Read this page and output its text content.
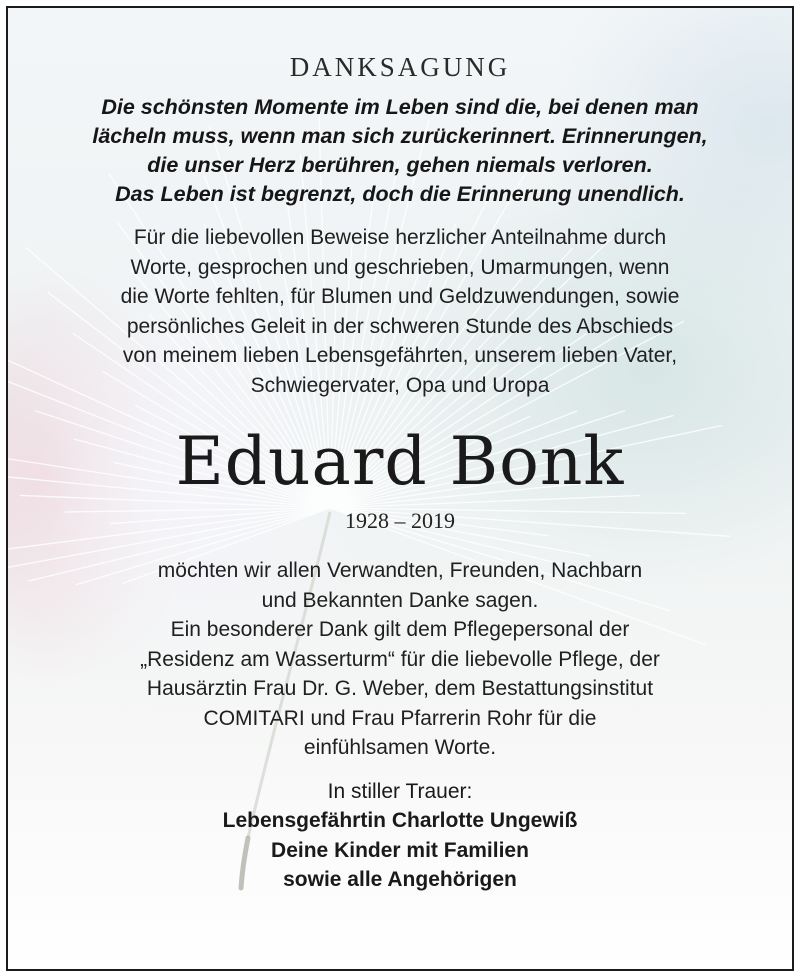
DANKSAGUNG
Die schönsten Momente im Leben sind die, bei denen man
lächeln muss, wenn man sich zurückerinnert. Erinnerungen,
die unser Herz berühren, gehen niemals verloren.
Das Leben ist begrenzt, doch die Erinnerung unendlich.
Für die liebevollen Beweise herzlicher Anteilnahme durch
Worte, gesprochen und geschrieben, Umarmungen, wenn
die Worte fehlten, für Blumen und Geldzuwendungen, sowie
persönliches Geleit in der schweren Stunde des Abschieds
von meinem lieben Lebensgefährten, unserem lieben Vater,
Schwiegervater, Opa und Uropa
Eduard Bonk
1928 – 2019
möchten wir allen Verwandten, Freunden, Nachbarn
und Bekannten Danke sagen.
Ein besonderer Dank gilt dem Pflegepersonal der
„Residenz am Wasserturm“ für die liebevolle Pflege, der
Hausärztin Frau Dr. G. Weber, dem Bestattungsinstitut
COMITARI und Frau Pfarrerin Rohr für die
einfühlsamen Worte.
In stiller Trauer:
Lebensgefährtin Charlotte Ungewiß
Deine Kinder mit Familien
sowie alle Angehörigen
